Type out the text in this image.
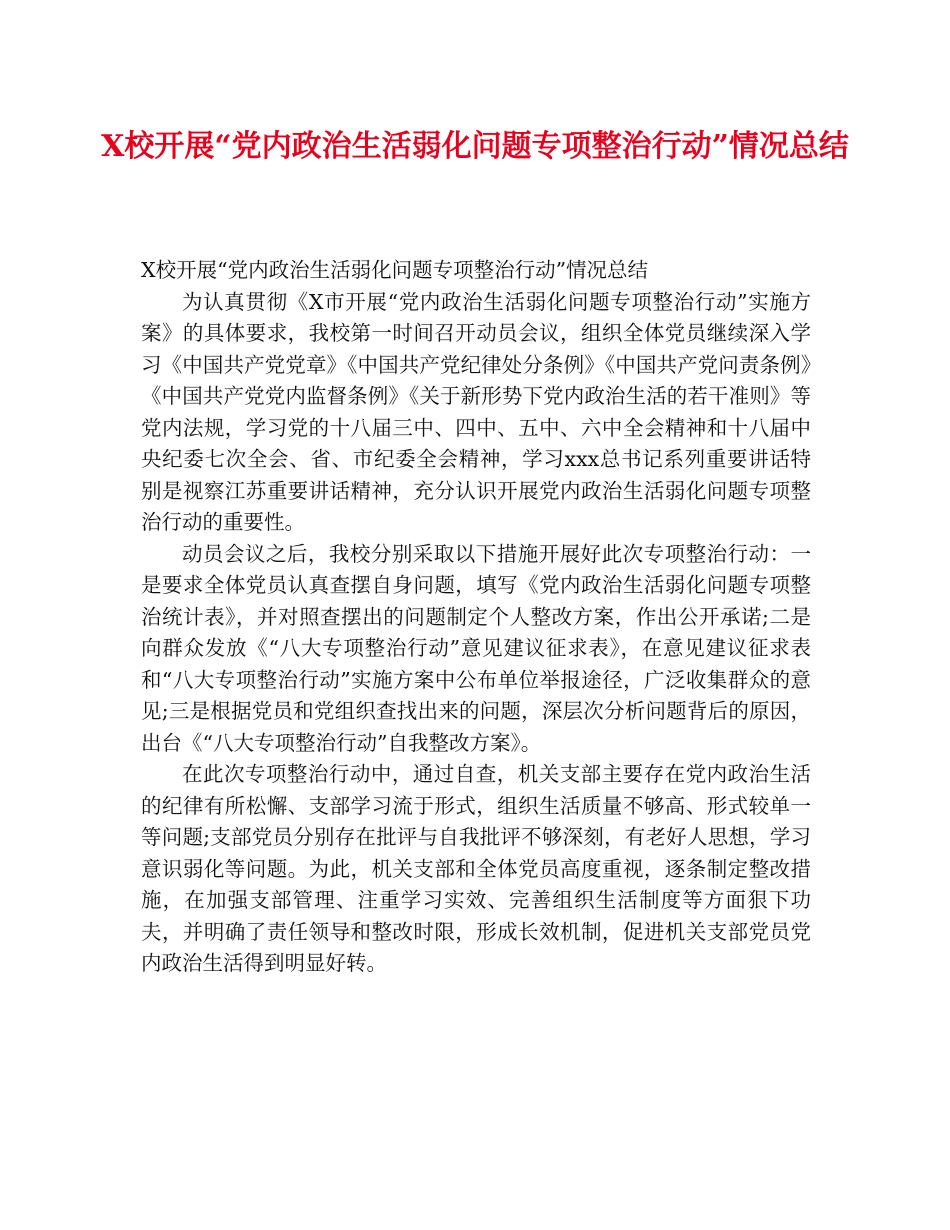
X校开展“党内政治生活弱化问题专项整治行动”情况总结

X校开展“党内政治生活弱化问题专项整治行动”情况总结

为认真贯彻《X市开展“党内政治生活弱化问题专项整治行动”实施方案》的具体要求，我校第一时间召开动员会议，组织全体党员继续深入学习《中国共产党党章》《中国共产党纪律处分条例》《中国共产党问责条例》《中国共产党党内监督条例》《关于新形势下党内政治生活的若干准则》等党内法规，学习党的十八届三中、四中、五中、六中全会精神和十八届中央纪委七次全会、省、市纪委全会精神，学习xxx总书记系列重要讲话特别是视察江苏重要讲话精神，充分认识开展党内政治生活弱化问题专项整治行动的重要性。

动员会议之后，我校分别采取以下措施开展好此次专项整治行动：一是要求全体党员认真查摆自身问题，填写《党内政治生活弱化问题专项整治统计表》，并对照查摆出的问题制定个人整改方案，作出公开承诺;二是向群众发放《“八大专项整治行动”意见建议征求表》，在意见建议征求表和“八大专项整治行动”实施方案中公布单位举报途径，广泛收集群众的意见;三是根据党员和党组织查找出来的问题，深层次分析问题背后的原因，出台《“八大专项整治行动”自我整改方案》。

在此次专项整治行动中，通过自查，机关支部主要存在党内政治生活的纪律有所松懈、支部学习流于形式，组织生活质量不够高、形式较单一等问题;支部党员分别存在批评与自我批评不够深刻，有老好人思想，学习意识弱化等问题。为此，机关支部和全体党员高度重视，逐条制定整改措施，在加强支部管理、注重学习实效、完善组织生活制度等方面狠下功夫，并明确了责任领导和整改时限，形成长效机制，促进机关支部党员党内政治生活得到明显好转。
